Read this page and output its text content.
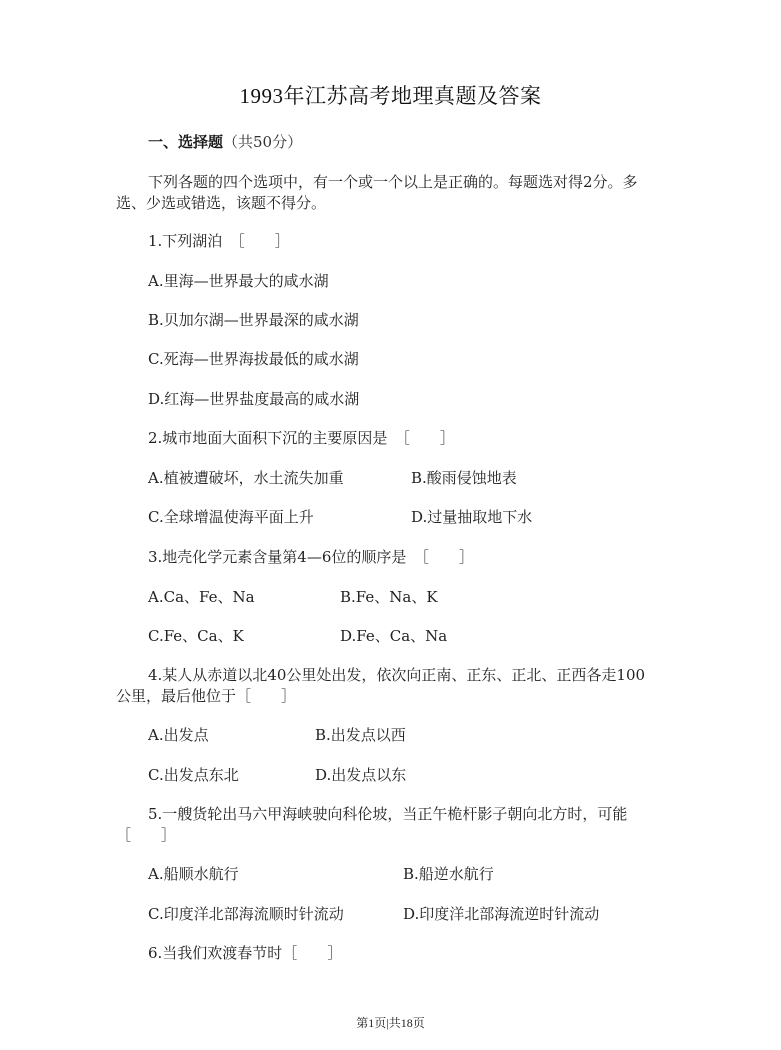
1993年江苏高考地理真题及答案
一、选择题（共50分）
下列各题的四个选项中，有一个或一个以上是正确的。每题选对得2分。多
选、少选或错选，该题不得分。
1.下列湖泊　［　　］
A.里海—世界最大的咸水湖
B.贝加尔湖—世界最深的咸水湖
C.死海—世界海拔最低的咸水湖
D.红海—世界盐度最高的咸水湖
2.城市地面大面积下沉的主要原因是　［　　］
A.植被遭破坏，水土流失加重	B.酸雨侵蚀地表
C.全球增温使海平面上升	D.过量抽取地下水
3.地壳化学元素含量第4—6位的顺序是　［　　］
A.Ca、Fe、Na	B.Fe、Na、K
C.Fe、Ca、K	D.Fe、Ca、Na
4.某人从赤道以北40公里处出发，依次向正南、正东、正北、正西各走100
公里，最后他位于［　　］
A.出发点	B.出发点以西
C.出发点东北	D.出发点以东
5.一艘货轮出马六甲海峡驶向科伦坡，当正午桅杆影子朝向北方时，可能
［　　］
A.船顺水航行	B.船逆水航行
C.印度洋北部海流顺时针流动	D.印度洋北部海流逆时针流动
6.当我们欢渡春节时［　　］
第1页|共18页
